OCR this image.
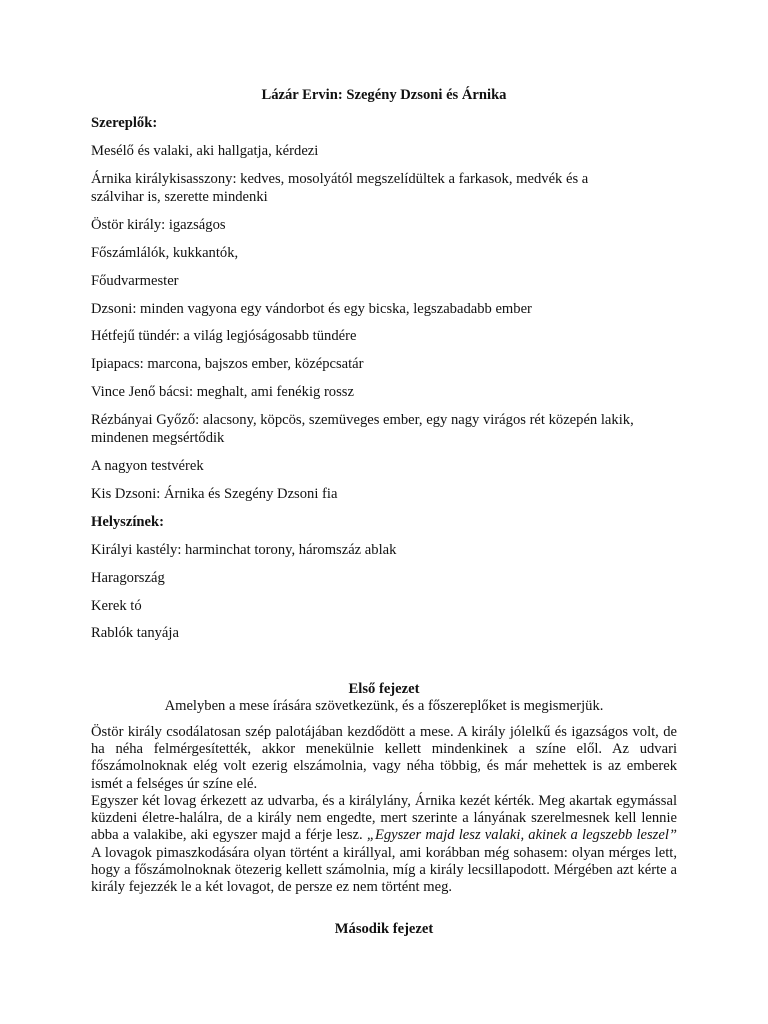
Lázár Ervin: Szegény Dzsoni és Árnika
Szereplők:
Mesélő és valaki, aki hallgatja, kérdezi
Árnika királykisasszony: kedves, mosolyától megszelídültek a farkasok, medvék és a
szálvihar is, szerette mindenki
Östör király: igazságos
Főszámlálók, kukkantók,
Főudvarmester
Dzsoni: minden vagyona egy vándorbot és egy bicska, legszabadabb ember
Hétfejű tündér: a világ legjóságosabb tündére
Ipiapacs: marcona, bajszos ember, középcsatár
Vince Jenő bácsi: meghalt, ami fenékig rossz
Rézbányai Győző: alacsony, köpcös, szemüveges ember, egy nagy virágos rét közepén lakik,
mindenen megsértődik
A nagyon testvérek
Kis Dzsoni: Árnika és Szegény Dzsoni fia
Helyszínek:
Királyi kastély: harminchat torony, háromszáz ablak
Haragország
Kerek tó
Rablók tanyája
Első fejezet
Amelyben a mese írására szövetkezünk, és a főszereplőket is megismerjük.
Östör király csodálatosan szép palotájában kezdődött a mese. A király jólelkű és igazságos volt, de ha néha felmérgesítették, akkor menekülnie kellett mindenkinek a színe elől. Az udvari főszámolnoknak elég volt ezerig elszámolnia, vagy néha többig, és már mehettek is az emberek ismét a felséges úr színe elé.
Egyszer két lovag érkezett az udvarba, és a királylány, Árnika kezét kérték. Meg akartak egymással küzdeni életre-halálra, de a király nem engedte, mert szerinte a lányának szerelmesnek kell lennie abba a valakibe, aki egyszer majd a férje lesz. „Egyszer majd lesz valaki, akinek a legszebb leszel” A lovagok pimaszkodására olyan történt a királlyal, ami korábban még sohasem: olyan mérges lett, hogy a főszámolnoknak ötezerig kellett számolnia, míg a király lecsillapodott. Mérgében azt kérte a király fejezzék le a két lovagot, de persze ez nem történt meg.
Második fejezet
